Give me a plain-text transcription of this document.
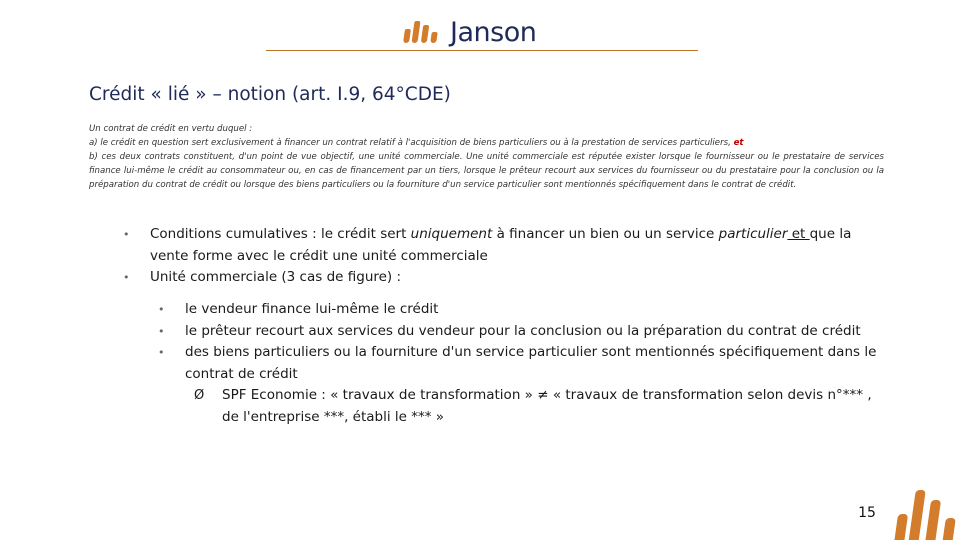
Janson
Crédit « lié » – notion (art. I.9, 64°CDE)

Un contrat de crédit en vertu duquel :

a) le crédit en question sert exclusivement à financer un contrat relatif à l'acquisition de biens particuliers ou à la prestation de services particuliers, et

b) ces deux contrats constituent, d'un point de vue objectif, une unité commerciale. Une unité commerciale est réputée exister lorsque le fournisseur ou le prestataire de services finance lui-même le crédit au consommateur ou, en cas de financement par un tiers, lorsque le prêteur recourt aux services du fournisseur ou du prestataire pour la conclusion ou la préparation du contrat de crédit ou lorsque des biens particuliers ou la fourniture d'un service particulier sont mentionnés spécifiquement dans le contrat de crédit.

• Conditions cumulatives : le crédit sert uniquement à financer un bien ou un service particulier et que la vente forme avec le crédit une unité commerciale
• Unité commerciale (3 cas de figure) :
• le vendeur finance lui-même le crédit
• le prêteur recourt aux services du vendeur pour la conclusion ou la préparation du contrat de crédit
• des biens particuliers ou la fourniture d'un service particulier sont mentionnés spécifiquement dans le contrat de crédit
Ø SPF Economie : « travaux de transformation » ≠ « travaux de transformation selon devis n°*** , de l'entreprise ***, établi le *** »
15
